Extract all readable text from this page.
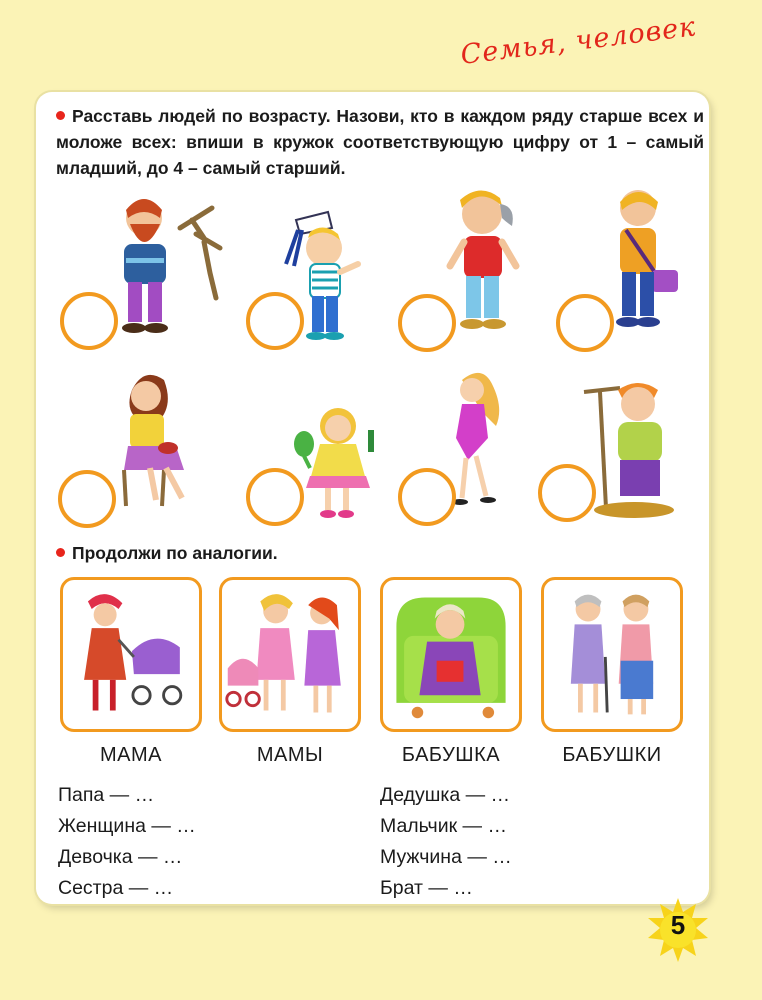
Семья, человек
Расставь людей по возрасту. Назови, кто в каждом ряду старше всех и моложе всех: впиши в кружок соответствующую цифру от 1 – самый младший, до 4 – самый старший.
Продолжи по аналогии.
МАМА	МАМЫ	БАБУШКА	БАБУШКИ
Папа — …
Женщина — …
Девочка — …
Сестра — …
Дедушка — …
Мальчик — …
Мужчина — …
Брат — …
5
